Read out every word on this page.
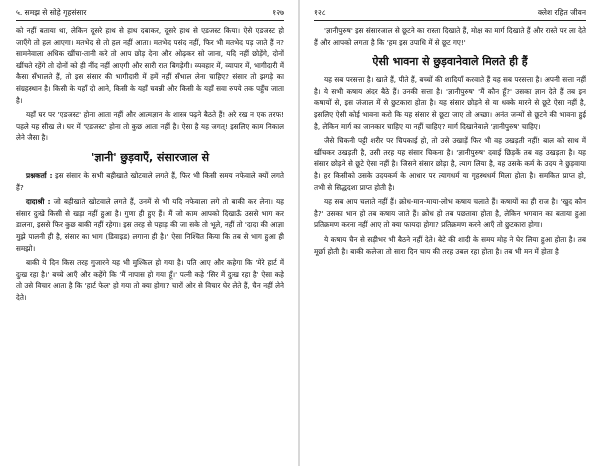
५. समझ से सोहे गृहसंसार	१२७

को नहीं बताया था, लेकिन दूसरे हाथ से हाथ दबाकर, दूसरे हाथ से एडजस्ट किया। ऐसे एडजस्ट हो जाएँगे तो हल आएगा। मतभेद से तो हल नहीं आता। मतभेद पसंद नहीं, फिर भी मतभेद पड़ जाते हैं न? सामनेवाला अधिक खींचा-तानी करे तो आप छोड़ देना और ओढ़कर सो जाना, यदि नहीं छोड़ेंगे, दोनों खींचते रहेंगे तो दोनों को ही नींद नहीं आएगी और सारी रात बिगड़ेगी। व्यवहार में, व्यापार में, भागीदारी में कैसा सँभालते हैं, तो इस संसार की भागीदारी में हमें नहीं सँभाल लेना चाहिए? संसार तो झगड़े का संग्रहस्थान है। किसी के यहाँ दो आने, किसी के यहाँ चवन्नी और किसी के यहाँ सवा रुपये तक पहुँच जाता है।

यहाँ घर पर 'एडजस्ट' होना आता नहीं और आत्मज्ञान के शास्त्र पढ़ने बैठते हैं! अरे रख न एक तरफ! पहले यह सीख ले। घर में 'एडजस्ट' होना तो कुछ आता नहीं है। ऐसा है यह जगत्! इसलिए काम निकाल लेने जैसा है।

'ज्ञानी' छुड़वाएँ, संसारजाल से

प्रश्नकर्ता : इस संसार के सभी बहीखाते खोटवाले लगते हैं, फिर भी किसी समय नफेवाले क्यों लगते हैं?

दादाश्री : जो बहीखाते खोटवाले लगते हैं, उनमें से भी यदि नफेवाला लगे तो बाकी कर लेना। यह संसार दुःखे किसी से खड़ा नहीं हुआ है। गुणा ही हुए हैं। मैं जो काम आपको दिखाऊँ उससे भाग कर डालना, इससे फिर कुछ बाकी नहीं रहेगा। इस तरह से पहाड़ की जा सके तो भूले, नहीं तो 'दादा की आज्ञा मुझे पालनी ही है, संसार का भाग (डिवाइड) लगाना ही है।' ऐसा निश्चित किया कि तब से भाग हुआ ही समझो।

बाकी ये दिन किस तरह गुजारने यह भी मुश्किल हो गया है। पति आए और कहेगा कि 'मेरे हार्ट में दुःख रहा है।' बच्चे आएँ और कहेंगे कि 'मैं नापास हो गया हूँ।' पत्नी कहे 'सिर में दुःख रहा है' ऐसा कहे तो उसे विचार आता है कि 'हार्ट फेल' हो गया तो क्या होगा? चारों ओर से विचार घेर लेते हैं, चैन नहीं लेने देते।

१२८	क्लेश रहित जीवन

'ज्ञानीपुरुष' इस संसारजाल से छूटने का रास्ता दिखाते हैं, मोक्ष का मार्ग दिखाते हैं और रास्ते पर ला देते हैं और आपको लगता है कि 'हम इस उपाधि में से छूट गए!'

ऐसी भावना से छुड़वानेवाले मिलते ही हैं

यह सब परसत्ता है। खाते हैं, पीते हैं, बच्चों की शादियाँ करवाते हैं यह सब परसत्ता है। अपनी सत्ता नहीं है। ये सभी कषाय अंदर बैठे हैं। उनकी सत्ता है। 'ज्ञानीपुरुष' 'मैं कौन हूँ?' उसका ज्ञान देते हैं तब इन कषायों से, इस जंजाल में से छुटकारा होता है। यह संसार छोड़ने से या धक्के मारने से छूटे ऐसा नहीं है, इसलिए ऐसी कोई भावना करो कि यह संसार से छूटा जाए तो अच्छा। अनंत जन्मों से छूटने की भावना हुई है, लेकिन मार्ग का जानकार चाहिए या नहीं चाहिए? मार्ग दिखानेवाले 'ज्ञानीपुरुष' चाहिए।

जैसे चिकनी पट्टी शरीर पर चिपकाई हो, तो उसे उखाड़ें फिर भी वह उखड़ती नहीं! बाल को साथ में खींचकर उखड़ती है, उसी तरह यह संसार चिकना है। 'ज्ञानीपुरुष' दवाई छिड़कें तब वह उखड़ता है। यह संसार छोड़ने से छूटे ऐसा नहीं है। जिसने संसार छोड़ा है, त्याग लिया है, वह उसके कर्म के उदय ने छुड़वाया है। हर किसीको उसके उदयकर्म के आधार पर त्यागधर्म या गृहस्थधर्म मिला होता है। समकित प्राप्त हो, तभी से सिद्धदशा प्राप्त होती है।

यह सब आप चलाते नहीं हैं। क्रोध-मान-माया-लोभ कषाय चलाते हैं। कषायों का ही राज है। 'खुद कौन है?' उसका भान हो तब कषाय जाते हैं। क्रोध हो तब पछतावा होता है, लेकिन भगवान का बताया हुआ प्रतिक्रमण करना नहीं आए तो क्या फायदा होगा? प्रतिक्रमण करने आएँ तो छुटकारा होगा।

ये कषाय चैन से सड़ीभर भी बैठने नहीं देते। बेटे की शादी के समय मोह ने घेर लिया हुआ होता है। तब मूर्छा होती है। बाकी कलेजा तो सारा दिन चाय की तरह उबल रहा होता है। तब भी मन में होता है
